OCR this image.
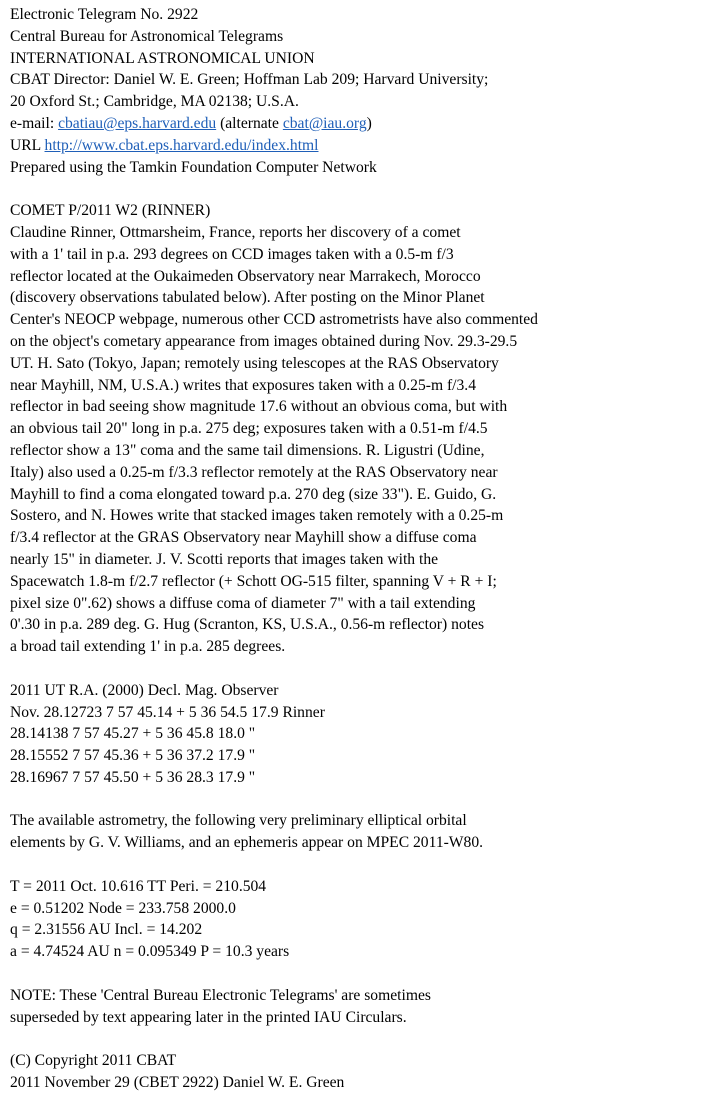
Electronic Telegram No. 2922
Central Bureau for Astronomical Telegrams
INTERNATIONAL ASTRONOMICAL UNION
CBAT Director: Daniel W. E. Green; Hoffman Lab 209; Harvard University;
20 Oxford St.; Cambridge, MA 02138; U.S.A.
e-mail: cbatiau@eps.harvard.edu (alternate cbat@iau.org)
URL http://www.cbat.eps.harvard.edu/index.html
Prepared using the Tamkin Foundation Computer Network
COMET P/2011 W2 (RINNER)
Claudine Rinner, Ottmarsheim, France, reports her discovery of a comet
with a 1' tail in p.a. 293 degrees on CCD images taken with a 0.5-m f/3
reflector located at the Oukaimeden Observatory near Marrakech, Morocco
(discovery observations tabulated below). After posting on the Minor Planet
Center's NEOCP webpage, numerous other CCD astrometrists have also commented
on the object's cometary appearance from images obtained during Nov. 29.3-29.5
UT. H. Sato (Tokyo, Japan; remotely using telescopes at the RAS Observatory
near Mayhill, NM, U.S.A.) writes that exposures taken with a 0.25-m f/3.4
reflector in bad seeing show magnitude 17.6 without an obvious coma, but with
an obvious tail 20" long in p.a. 275 deg; exposures taken with a 0.51-m f/4.5
reflector show a 13" coma and the same tail dimensions. R. Ligustri (Udine,
Italy) also used a 0.25-m f/3.3 reflector remotely at the RAS Observatory near
Mayhill to find a coma elongated toward p.a. 270 deg (size 33"). E. Guido, G.
Sostero, and N. Howes write that stacked images taken remotely with a 0.25-m
f/3.4 reflector at the GRAS Observatory near Mayhill show a diffuse coma
nearly 15" in diameter. J. V. Scotti reports that images taken with the
Spacewatch 1.8-m f/2.7 reflector (+ Schott OG-515 filter, spanning V + R + I;
pixel size 0".62) shows a diffuse coma of diameter 7" with a tail extending
0'.30 in p.a. 289 deg. G. Hug (Scranton, KS, U.S.A., 0.56-m reflector) notes
a broad tail extending 1' in p.a. 285 degrees.
2011 UT R.A. (2000) Decl. Mag. Observer
Nov. 28.12723 7 57 45.14 + 5 36 54.5 17.9 Rinner
28.14138 7 57 45.27 + 5 36 45.8 18.0 "
28.15552 7 57 45.36 + 5 36 37.2 17.9 "
28.16967 7 57 45.50 + 5 36 28.3 17.9 "
The available astrometry, the following very preliminary elliptical orbital
elements by G. V. Williams, and an ephemeris appear on MPEC 2011-W80.
T = 2011 Oct. 10.616 TT Peri. = 210.504
e = 0.51202 Node = 233.758 2000.0
q = 2.31556 AU Incl. = 14.202
a = 4.74524 AU n = 0.095349 P = 10.3 years
NOTE: These 'Central Bureau Electronic Telegrams' are sometimes
superseded by text appearing later in the printed IAU Circulars.
(C) Copyright 2011 CBAT
2011 November 29 (CBET 2922) Daniel W. E. Green
